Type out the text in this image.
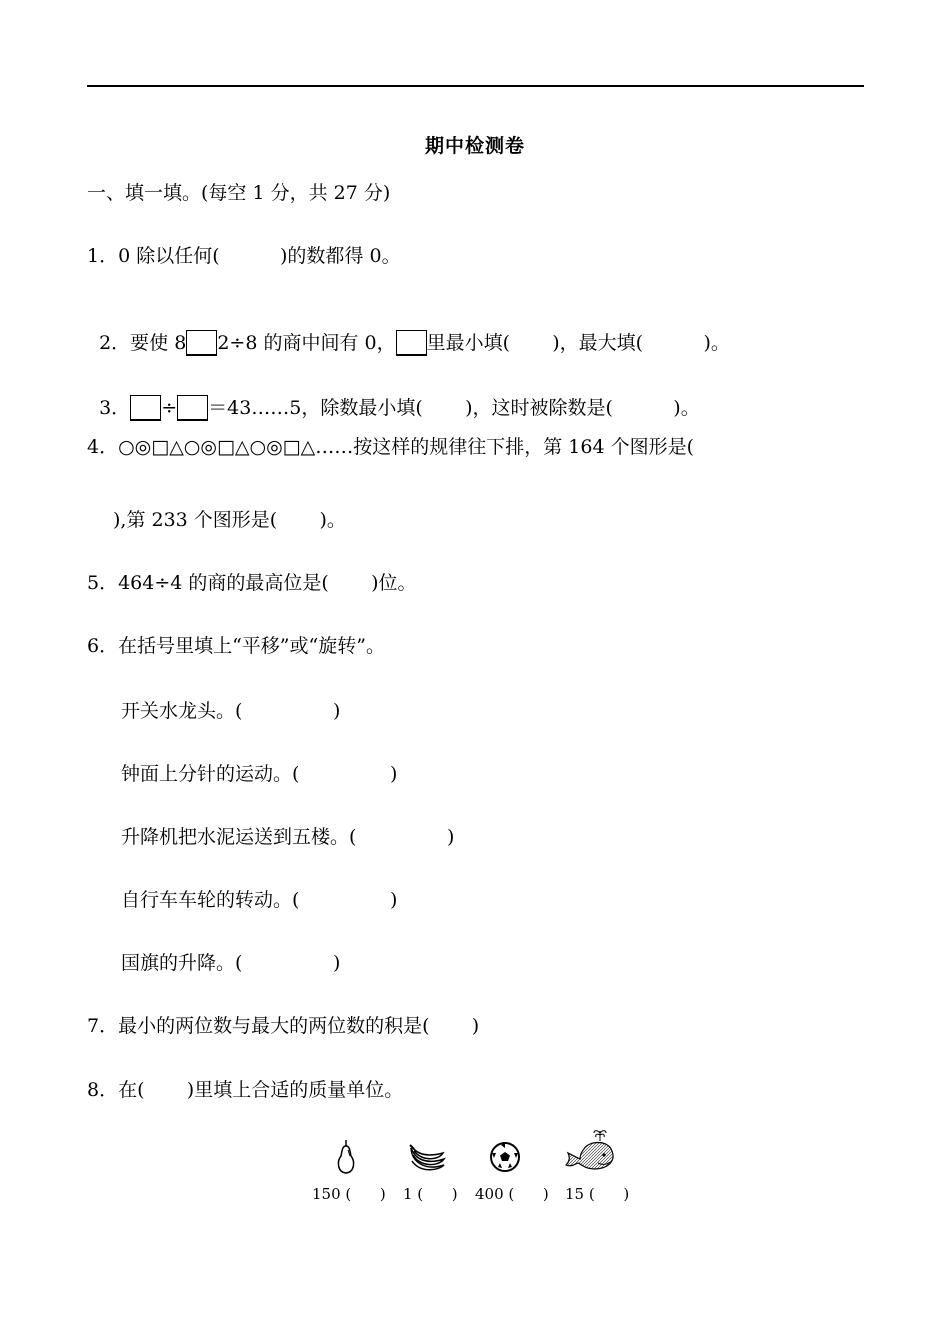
期中检测卷
一、填一填。(每空 1 分，共 27 分)
1．0 除以任何(          )的数都得 0。

2．要使 8 2÷8 的商中间有 0， 里最小填(       )，最大填(          )。

3． ÷ ＝43……5，除数最小填(       )，这时被除数是(          )。

4．○◎□△○◎□△○◎□△……按这样的规律往下排，第 164 个图形是(
),第 233 个图形是(       )。
5．464÷4 的商的最高位是(       )位。
6．在括号里填上“平移”或“旋转”。
开关水龙头。(               )
钟面上分针的运动。(               )
升降机把水泥运送到五楼。(               )
自行车车轮的转动。(               )
国旗的升降。(               )
7．最小的两位数与最大的两位数的积是(       )
8．在(       )里填上合适的质量单位。
150 (      ) 1 (      ) 400 (      ) 15 (      )
